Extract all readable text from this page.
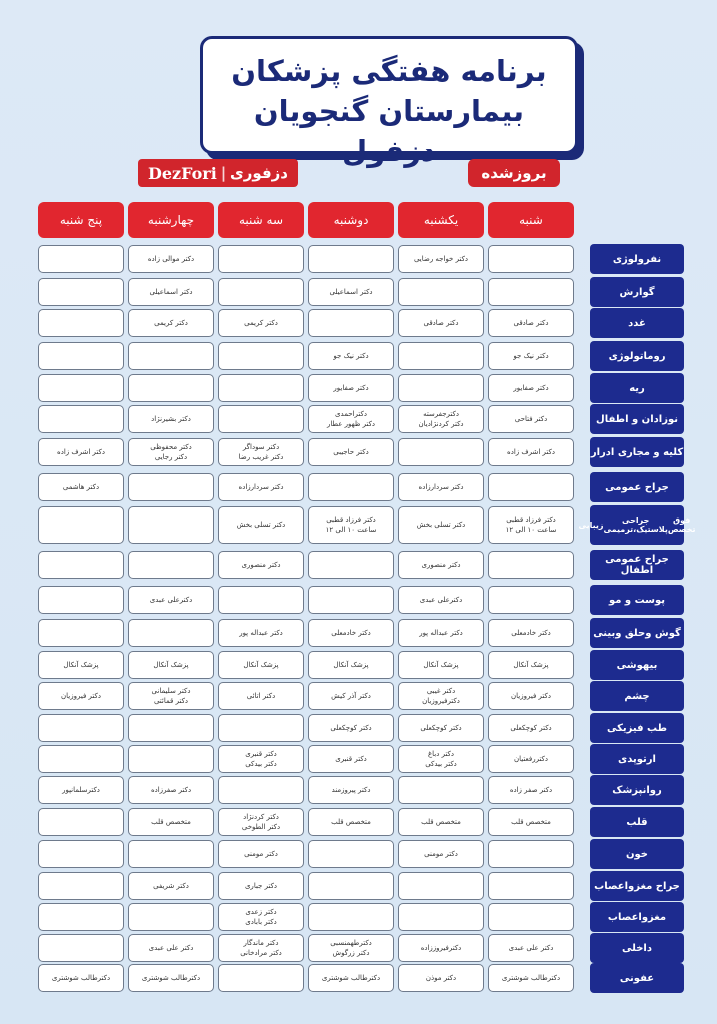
برنامه هفتگی پزشکان
بیمارستان گنجویان دزفول
DezFori | دزفوری	بروزشده
شنبه
یکشنبه
دوشنبه
سه شنبه
چهارشنبه
پنج شنبه
نفرولوژی
دکتر خواجه رضایی
دکتر موالی زاده
گوارش
دکتر اسماعیلی
دکتر اسماعیلی
غدد
دکتر صادقی
دکتر صادقی
دکتر کریمی
دکتر کریمی
روماتولوژی
دکتر نیک جو
دکتر نیک جو
ریه
دکتر صفایور
دکتر صفایور
نوزادان و اطفال
دکتر فتاحی
دکترجفرسته
دکتر کردنژادیان
دکتراحمدی
دکتر ظهور عطار
دکتر بشیرنژاد
کلیه و مجاری ادرار
دکتر اشرف زاده
دکتر حاجیبی
دکتر سوداگر
دکتر غریب رضا
دکتر محفوظی
دکتر رجایی
دکتر اشرف زاده
جراح عمومی
دکتر سردارزاده
دکتر سردارزاده
دکتر هاشمی
فوق تخصص
جراحی پلاستیک،ترمیمی
زیبایی
دکتر فرزاد قطبی
ساعت ۱۰ الی ۱۲
دکتر تسلی بخش
دکتر فرزاد قطبی
ساعت ۱۰ الی ۱۲
دکتر تسلی بخش
جراح عمومی اطفال
دکتر منصوری
دکتر منصوری
پوست و مو
دکترعلی عبدی
دکترعلی عبدی
گوش وحلق وبینی
دکتر خادمعلی
دکتر عبداله پور
دکتر خادمعلی
دکتر عبداله پور
بیهوشی
پزشک آنکال
پزشک آنکال
پزشک آنکال
پزشک آنکال
پزشک آنکال
پزشک آنکال
چشم
دکتر فیروزیان
دکتر غیبی
دکترفیروزیان
دکتر آذر کیش
دکتر اتائی
دکتر سلیمانی
دکتر قمائتی
دکتر فیروزیان
طب فیزیکی
دکتر کوچکعلی
دکتر کوچکعلی
دکتر کوچکعلی
ارتوپدی
دکتررفعتیان
دکتر دباغ
دکتر بیدکی
دکتر قنبری
دکتر قنبری
دکتر بیدکی
روانپزشک
دکتر صفر زاده
دکتر پیروزمند
دکتر صفرزاده
دکترسلمانپور
قلب
متخصص قلب
متخصص قلب
متخصص قلب
دکتر کردنژاد
دکتر الطوخی
متخصص قلب
خون
دکتر مومنی
دکتر مومنی
جراح مغزواعصاب
دکتر جباری
دکتر شریفی
مغزواعصاب
دکتر زعدی
دکتر بابادی
داخلی
دکتر علی عبدی
دکترفیروززاده
دکترطهمنسبی
دکتر زرگوش
دکتر ماندگار
دکتر مرادخانی
دکتر علی عبدی
عفونی
دکترطالب شوشتری
دکتر موذن
دکترطالب شوشتری
دکترطالب شوشتری
دکترطالب شوشتری
